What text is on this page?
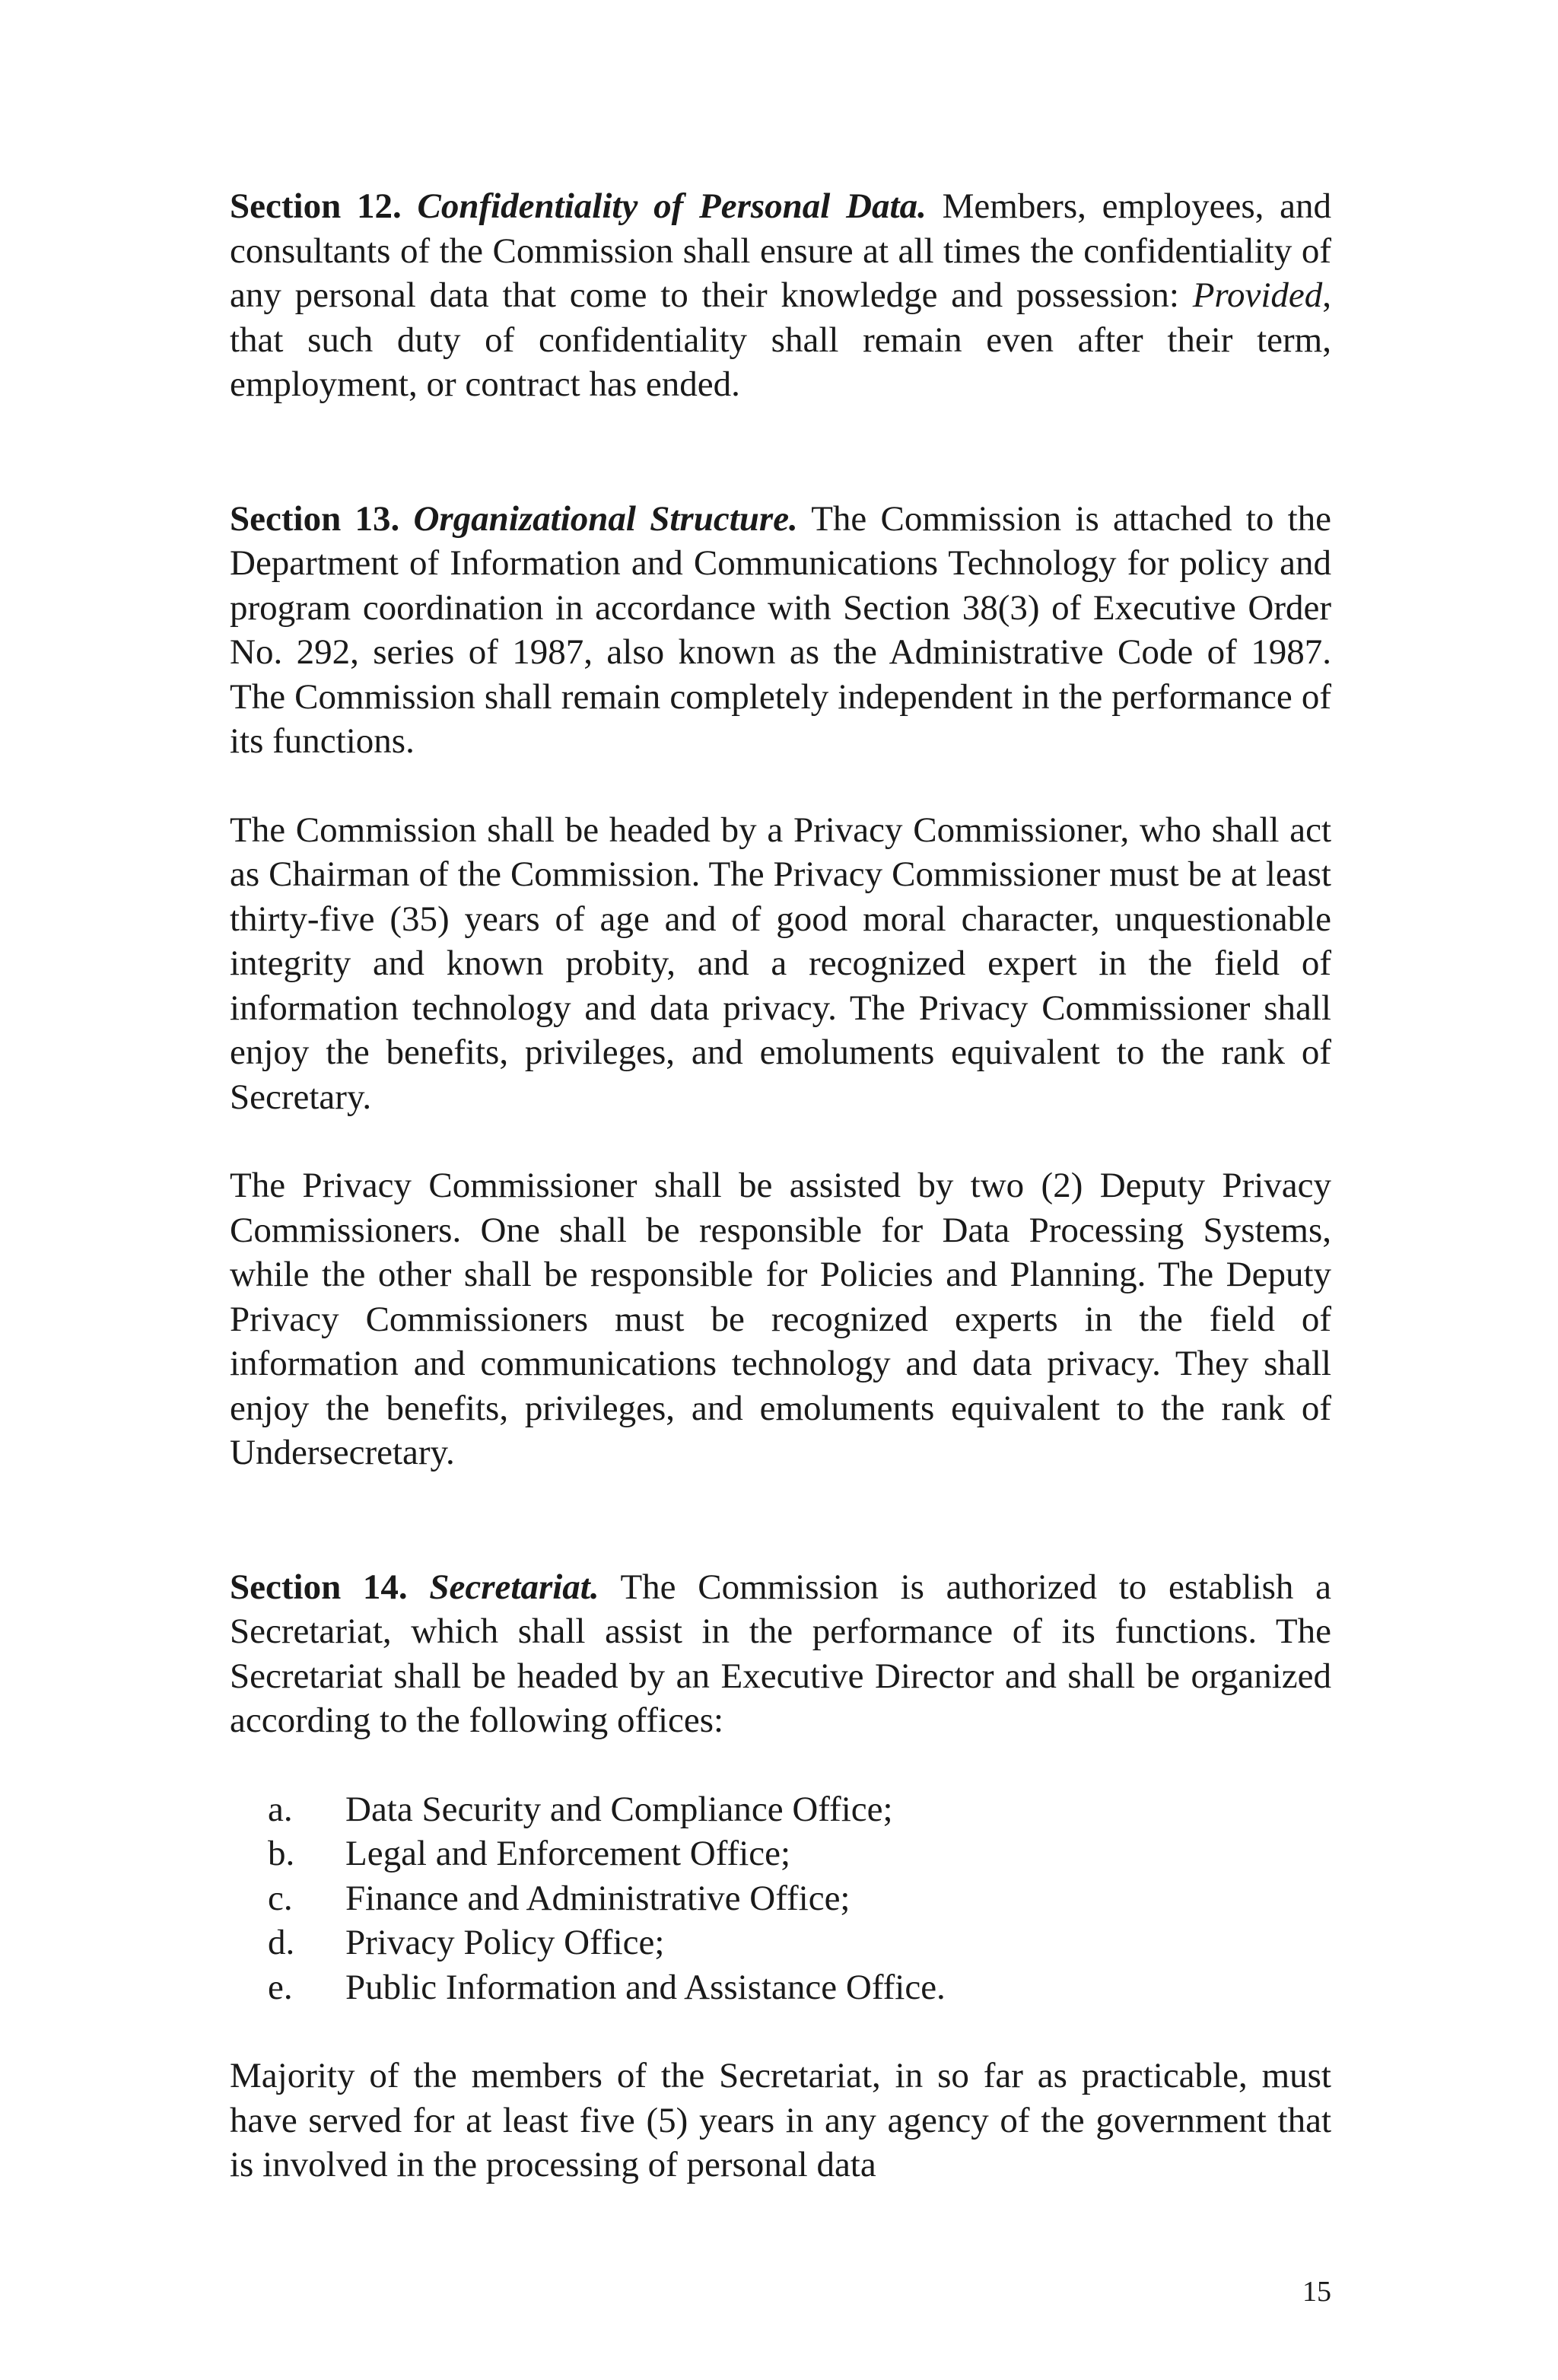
Section 12. Confidentiality of Personal Data. Members, employees, and consultants of the Commission shall ensure at all times the confidentiality of any personal data that come to their knowledge and possession: Provided, that such duty of confidentiality shall remain even after their term, employment, or contract has ended.

Section 13. Organizational Structure. The Commission is attached to the Department of Information and Communications Technology for policy and program coordination in accordance with Section 38(3) of Executive Order No. 292, series of 1987, also known as the Administrative Code of 1987. The Commission shall remain completely independent in the performance of its functions.

The Commission shall be headed by a Privacy Commissioner, who shall act as Chairman of the Commission. The Privacy Commissioner must be at least thirty-five (35) years of age and of good moral character, unquestionable integrity and known probity, and a recognized expert in the field of information technology and data privacy. The Privacy Commissioner shall enjoy the benefits, privileges, and emoluments equivalent to the rank of Secretary.

The Privacy Commissioner shall be assisted by two (2) Deputy Privacy Commissioners. One shall be responsible for Data Processing Systems, while the other shall be responsible for Policies and Planning. The Deputy Privacy Commissioners must be recognized experts in the field of information and communications technology and data privacy. They shall enjoy the benefits, privileges, and emoluments equivalent to the rank of Undersecretary.

Section 14. Secretariat. The Commission is authorized to establish a Secretariat, which shall assist in the performance of its functions. The Secretariat shall be headed by an Executive Director and shall be organized according to the following offices:

a.	Data Security and Compliance Office;
b.	Legal and Enforcement Office;
c.	Finance and Administrative Office;
d.	Privacy Policy Office;
e.	Public Information and Assistance Office.

Majority of the members of the Secretariat, in so far as practicable, must have served for at least five (5) years in any agency of the government that is involved in the processing of personal data

15
